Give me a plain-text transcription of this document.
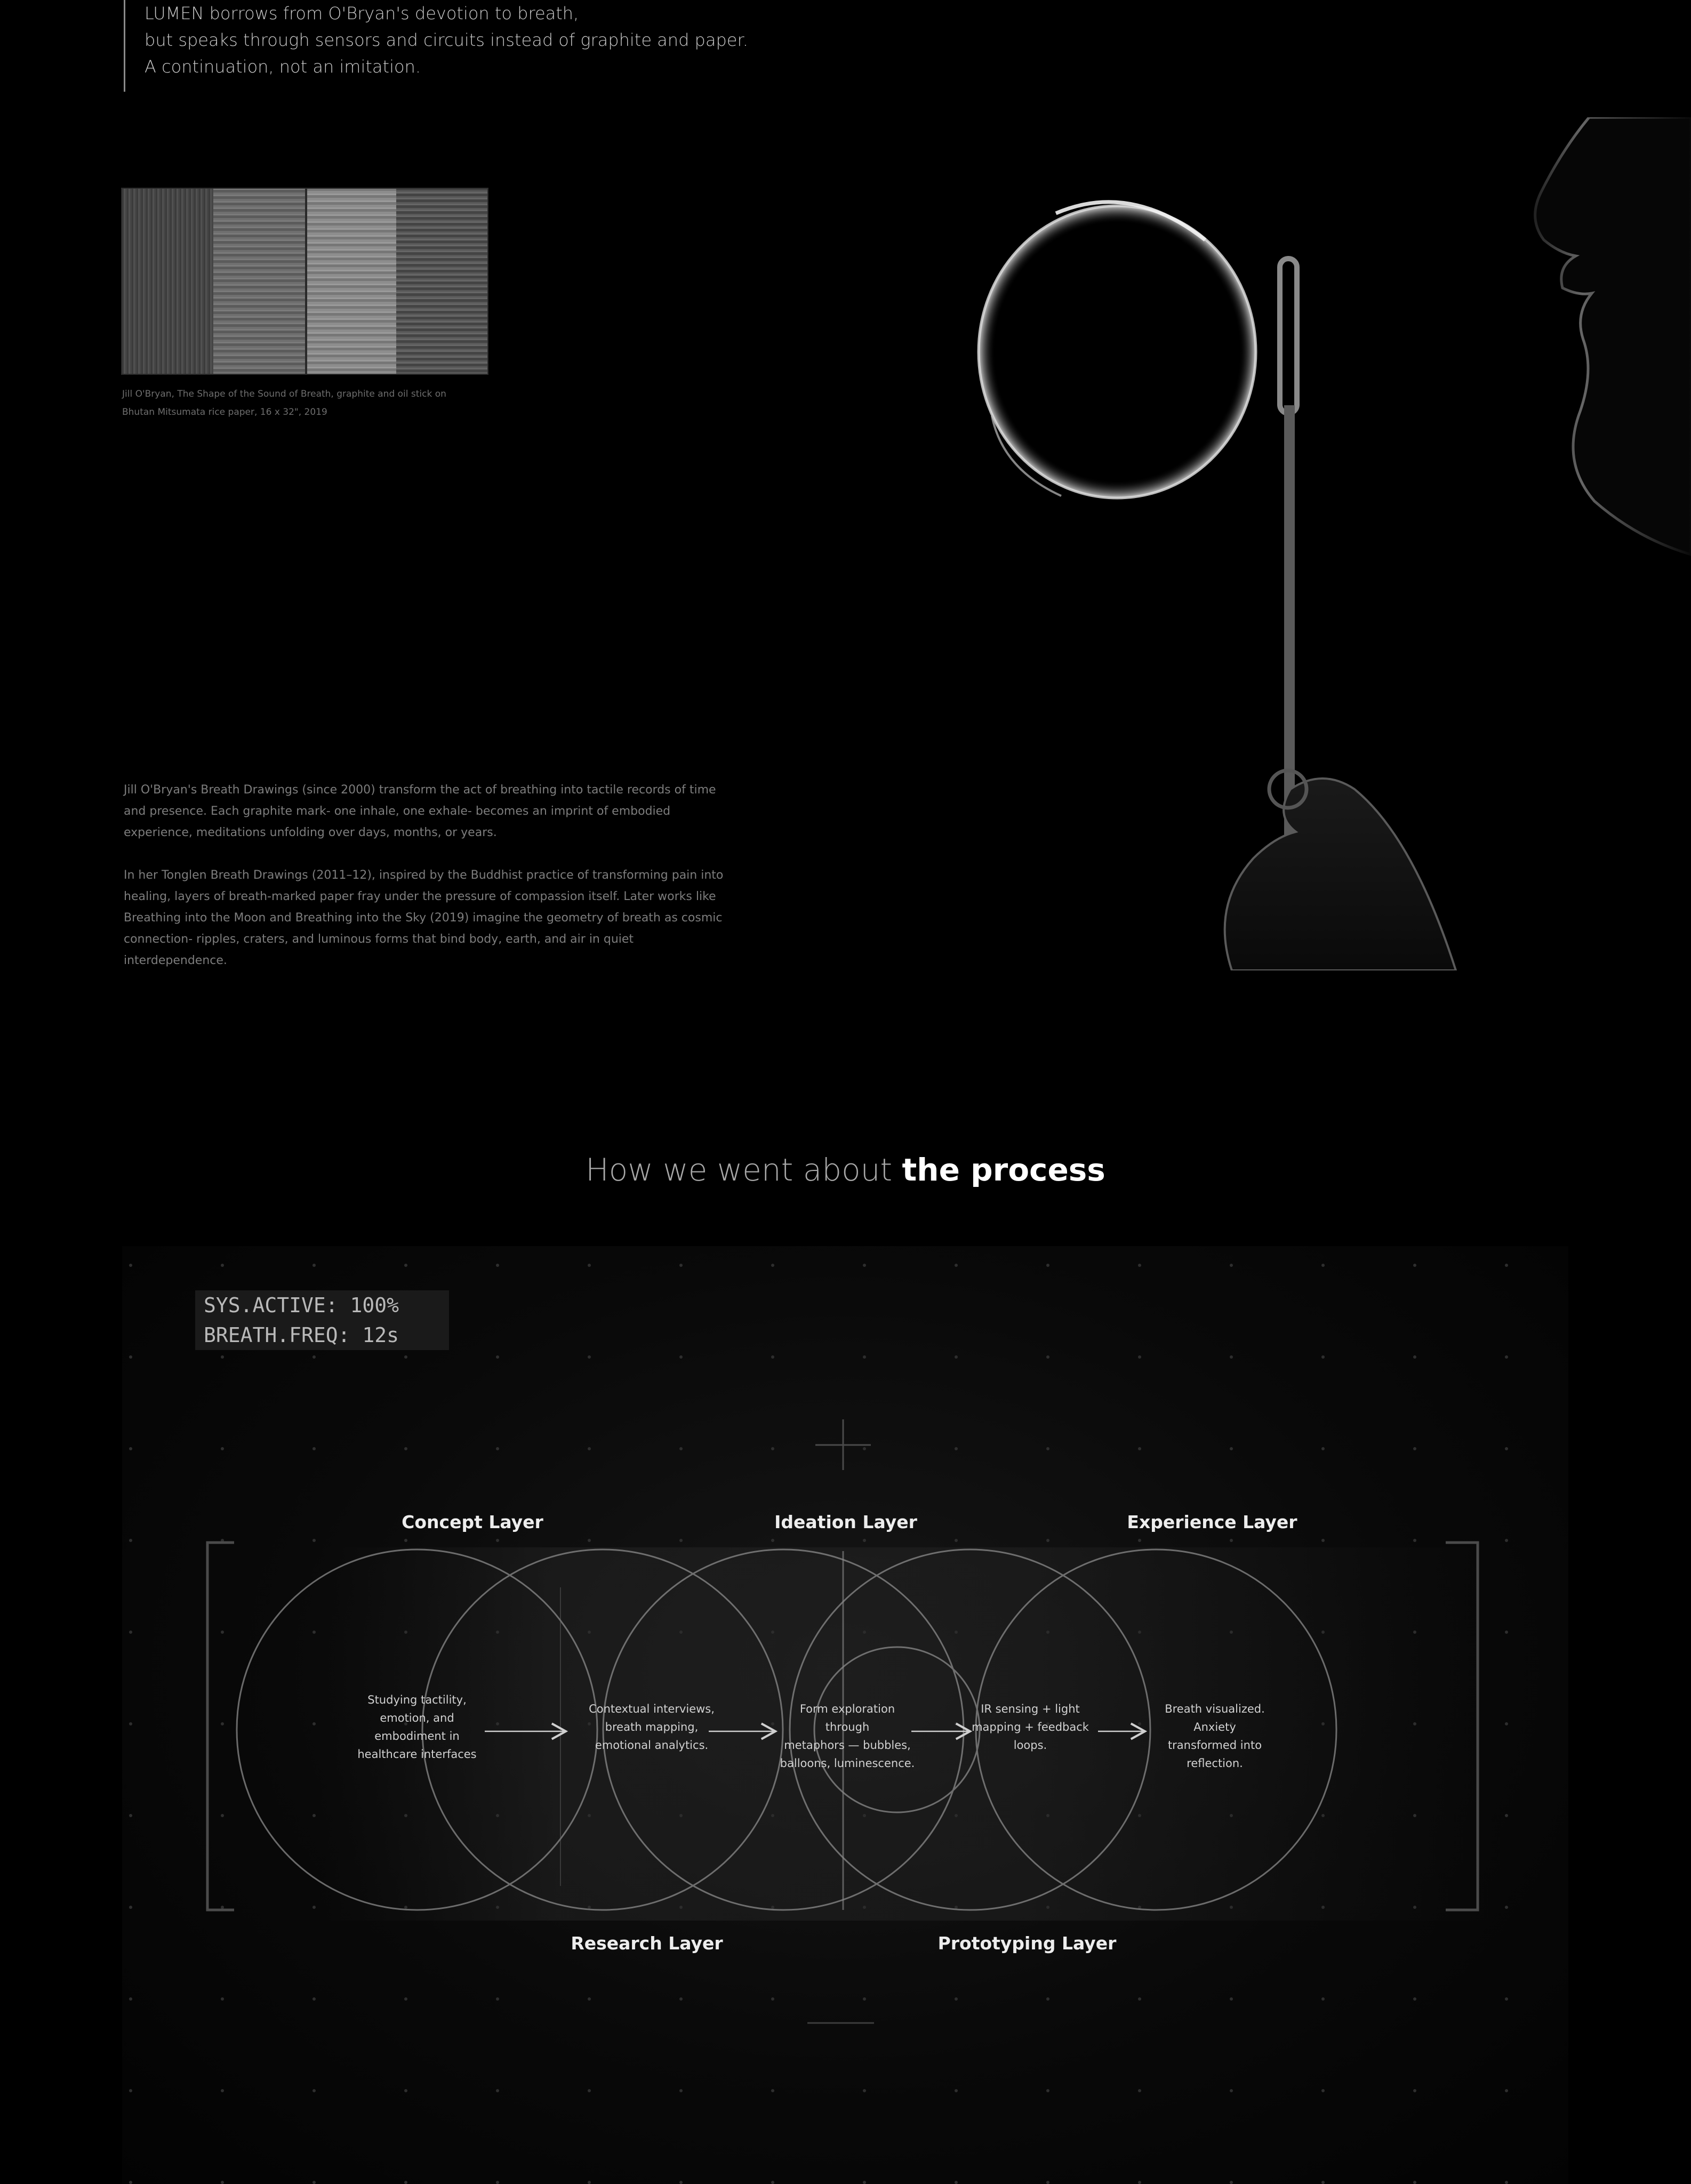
LUMEN borrows from O'Bryan's devotion to breath,
but speaks through sensors and circuits instead of graphite and paper.
A continuation, not an imitation.
Jill O'Bryan, The Shape of the Sound of Breath, graphite and oil stick on
Bhutan Mitsumata rice paper, 16 x 32", 2019
Jill O'Bryan's Breath Drawings (since 2000) transform the act of breathing into tactile records of time and presence. Each graphite mark- one inhale, one exhale- becomes an imprint of embodied experience, meditations unfolding over days, months, or years.
In her Tonglen Breath Drawings (2011–12), inspired by the Buddhist practice of transforming pain into healing, layers of breath-marked paper fray under the pressure of compassion itself. Later works like Breathing into the Moon and Breathing into the Sky (2019) imagine the geometry of breath as cosmic connection- ripples, craters, and luminous forms that bind body, earth, and air in quiet interdependence.
How we went about the process
SYS.ACTIVE: 100%
BREATH.FREQ: 12s
Concept Layer	Ideation Layer	Experience Layer
Research Layer	Prototyping Layer
Studying tactility,
emotion, and
embodiment in
healthcare interfaces
Contextual interviews,
breath mapping,
emotional analytics.
Form exploration through
metaphors — bubbles,
balloons, luminescence.
IR sensing + light
mapping + feedback
loops.
Breath visualized. Anxiety
transformed into
reflection.
